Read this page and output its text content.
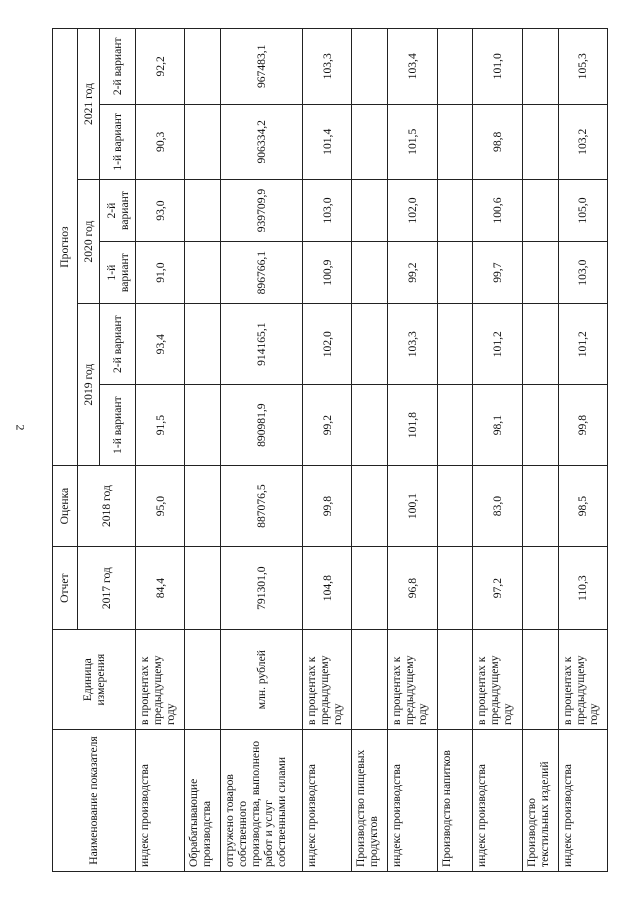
2
Наименование показателя	Единица измерения	Отчет	Оценка	Прогноз					
		2017 год	2018 год	2019 год		2020 год		2021 год	
				1-й вариант	2-й вариант	1-й вариант	2-й вариант	1-й вариант	2-й вариант

индекс производства	в процентах к предыдущему году	84,4	95,0	91,5	93,4	91,0	93,0	90,3	92,2
Обрабатывающие производства									
отгружено товаров собственного производства, выполнено работ и услуг собственными силами	млн. рублей	791301,0	887076,5	890981,9	914165,1	896766,1	939709,9	906334,2	967483,1
индекс производства	в процентах к предыдущему году	104,8	99,8	99,2	102,0	100,9	103,0	101,4	103,3
Производство пищевых продуктов									
индекс производства	в процентах к предыдущему году	96,8	100,1	101,8	103,3	99,2	102,0	101,5	103,4
Производство напитков									
индекс производства	в процентах к предыдущему году	97,2	83,0	98,1	101,2	99,7	100,6	98,8	101,0
Производство текстильных изделий									
индекс производства	в процентах к предыдущему году	110,3	98,5	99,8	101,2	103,0	105,0	103,2	105,3
